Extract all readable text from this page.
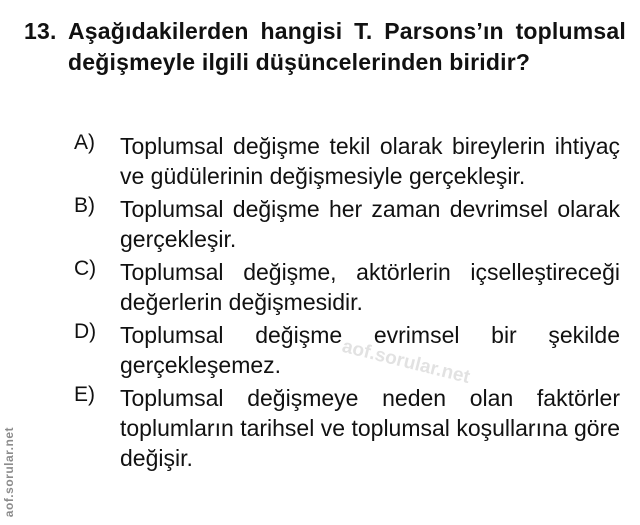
13. Aşağıdakilerden hangisi T. Parsons’ın toplumsal değişmeyle ilgili düşüncelerinden biridir?
A)	Toplumsal değişme tekil olarak bireylerin ihtiyaç ve güdülerinin değişmesiyle gerçekleşir.
B)	Toplumsal değişme her zaman devrimsel olarak gerçekleşir.
C)	Toplumsal değişme, aktörlerin içselleştireceği değerlerin değişmesidir.
D)	Toplumsal değişme evrimsel bir şekilde gerçekleşemez.
E)	Toplumsal değişmeye neden olan faktörler toplumların tarihsel ve toplumsal koşullarına göre değişir.
aof.sorular.net
aof.sorular.net
